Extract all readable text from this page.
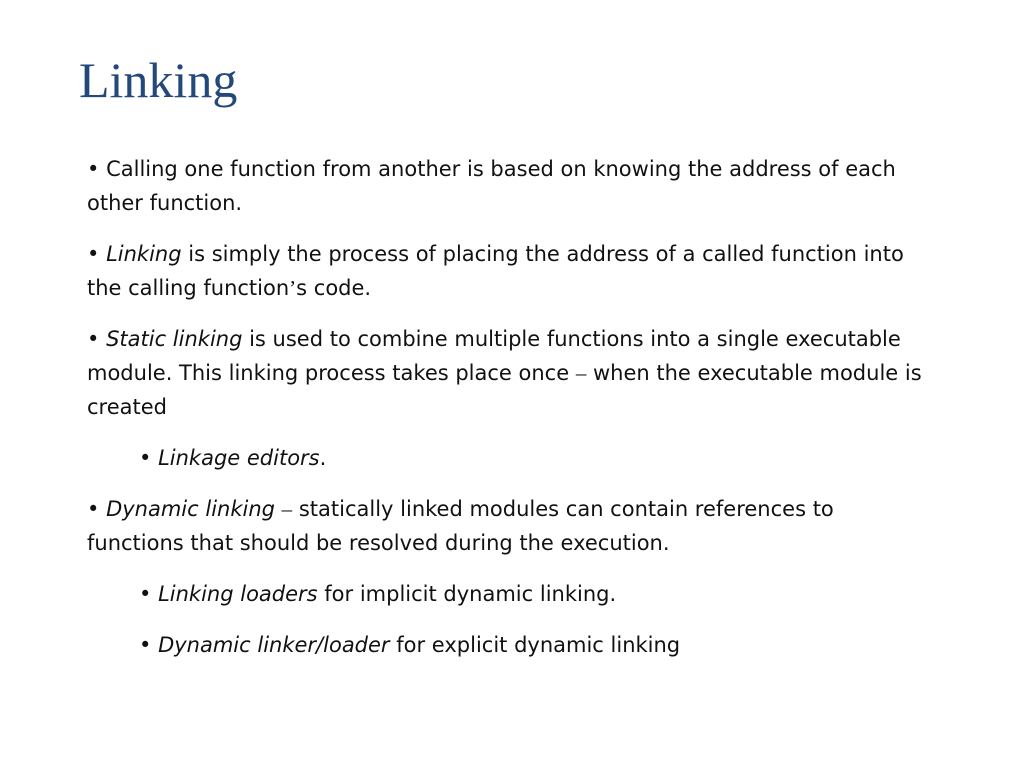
Linking
• Calling one function from another is based on knowing the address of each other function.
• Linking is simply the process of placing the address of a called function into the calling function’s code.
• Static linking is used to combine multiple functions into a single executable module. This linking process takes place once – when the executable module is created
• Linkage editors.
• Dynamic linking – statically linked modules can contain references to functions that should be resolved during the execution.
• Linking loaders for implicit dynamic linking.
• Dynamic linker/loader for explicit dynamic linking
